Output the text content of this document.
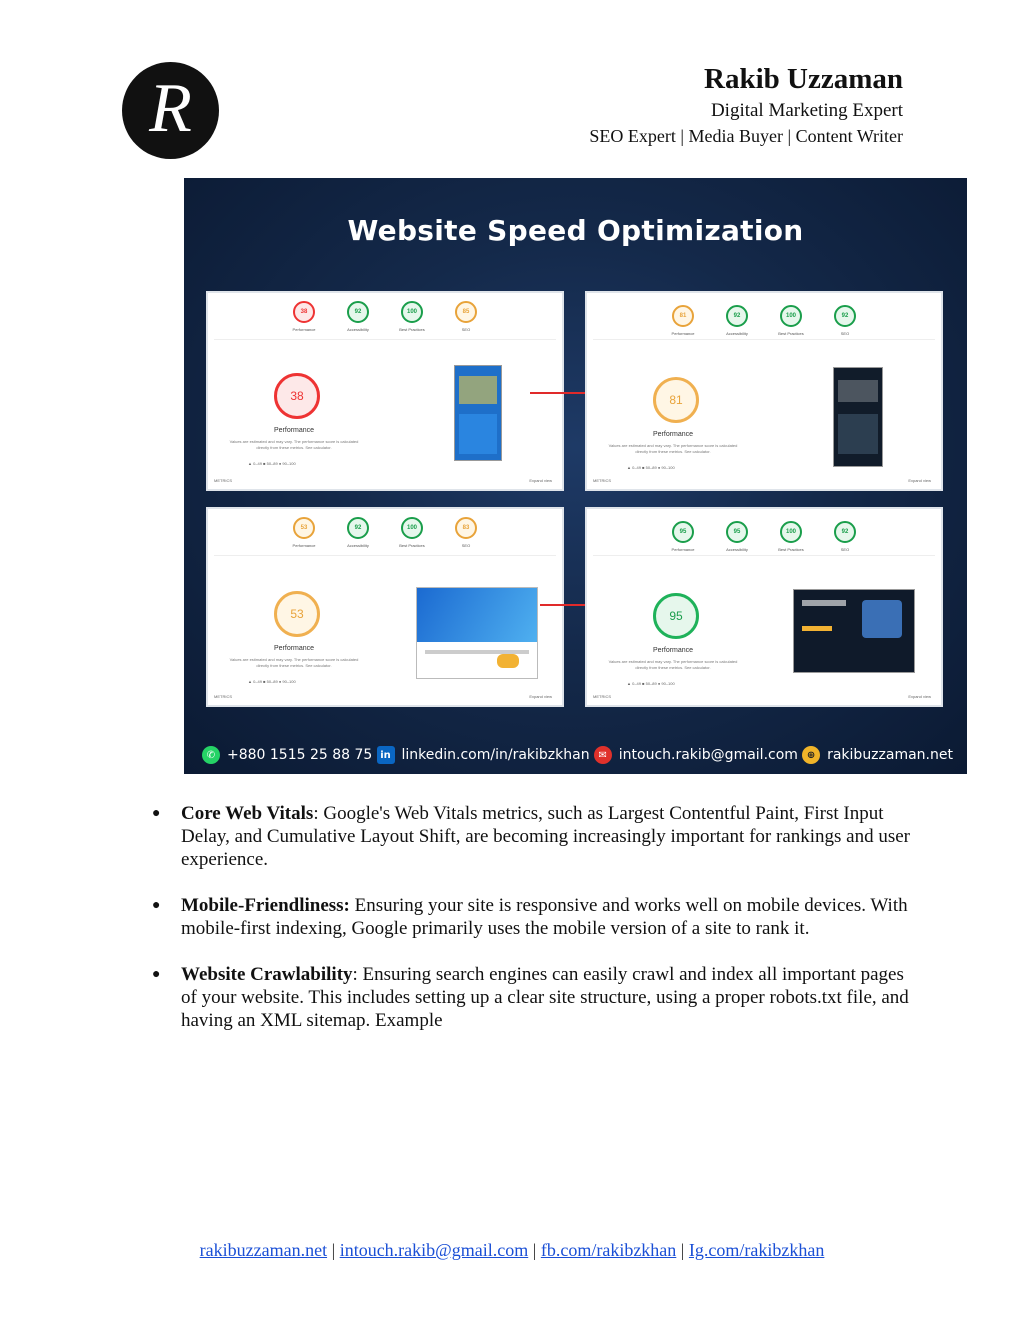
R	Rakib Uzzaman
Digital Marketing Expert
SEO Expert | Media Buyer | Content Writer
Website Speed Optimization
38
Performance
92
Accessibility
100
Best Practices
85
SEO
38
Performance
Values are estimated and may vary. The performance score is calculated directly from these metrics. See calculator.
▲ 0–49 ■ 50–89 ● 90–100
METRICS	Expand view
81
Performance
92
Accessibility
100
Best Practices
92
SEO
81
Performance
Values are estimated and may vary. The performance score is calculated directly from these metrics. See calculator.
▲ 0–49 ■ 50–89 ● 90–100
METRICS	Expand view
53
Performance
92
Accessibility
100
Best Practices
83
SEO
53
Performance
Values are estimated and may vary. The performance score is calculated directly from these metrics. See calculator.
▲ 0–49 ■ 50–89 ● 90–100
METRICS	Expand view
95
Performance
95
Accessibility
100
Best Practices
92
SEO
95
Performance
Values are estimated and may vary. The performance score is calculated directly from these metrics. See calculator.
▲ 0–49 ■ 50–89 ● 90–100
METRICS	Expand view
✆ +880 1515 25 88 75 in linkedin.com/in/rakibzkhan ✉ intouch.rakib@gmail.com ⊕ rakibuzzaman.net
● Core Web Vitals: Google's Web Vitals metrics, such as Largest Contentful Paint, First Input Delay, and Cumulative Layout Shift, are becoming increasingly important for rankings and user experience.
● Mobile-Friendliness: Ensuring your site is responsive and works well on mobile devices. With mobile-first indexing, Google primarily uses the mobile version of a site to rank it.
● Website Crawlability: Ensuring search engines can easily crawl and index all important pages of your website. This includes setting up a clear site structure, using a proper robots.txt file, and having an XML sitemap. Example
rakibuzzaman.net | intouch.rakib@gmail.com | fb.com/rakibzkhan | Ig.com/rakibzkhan
